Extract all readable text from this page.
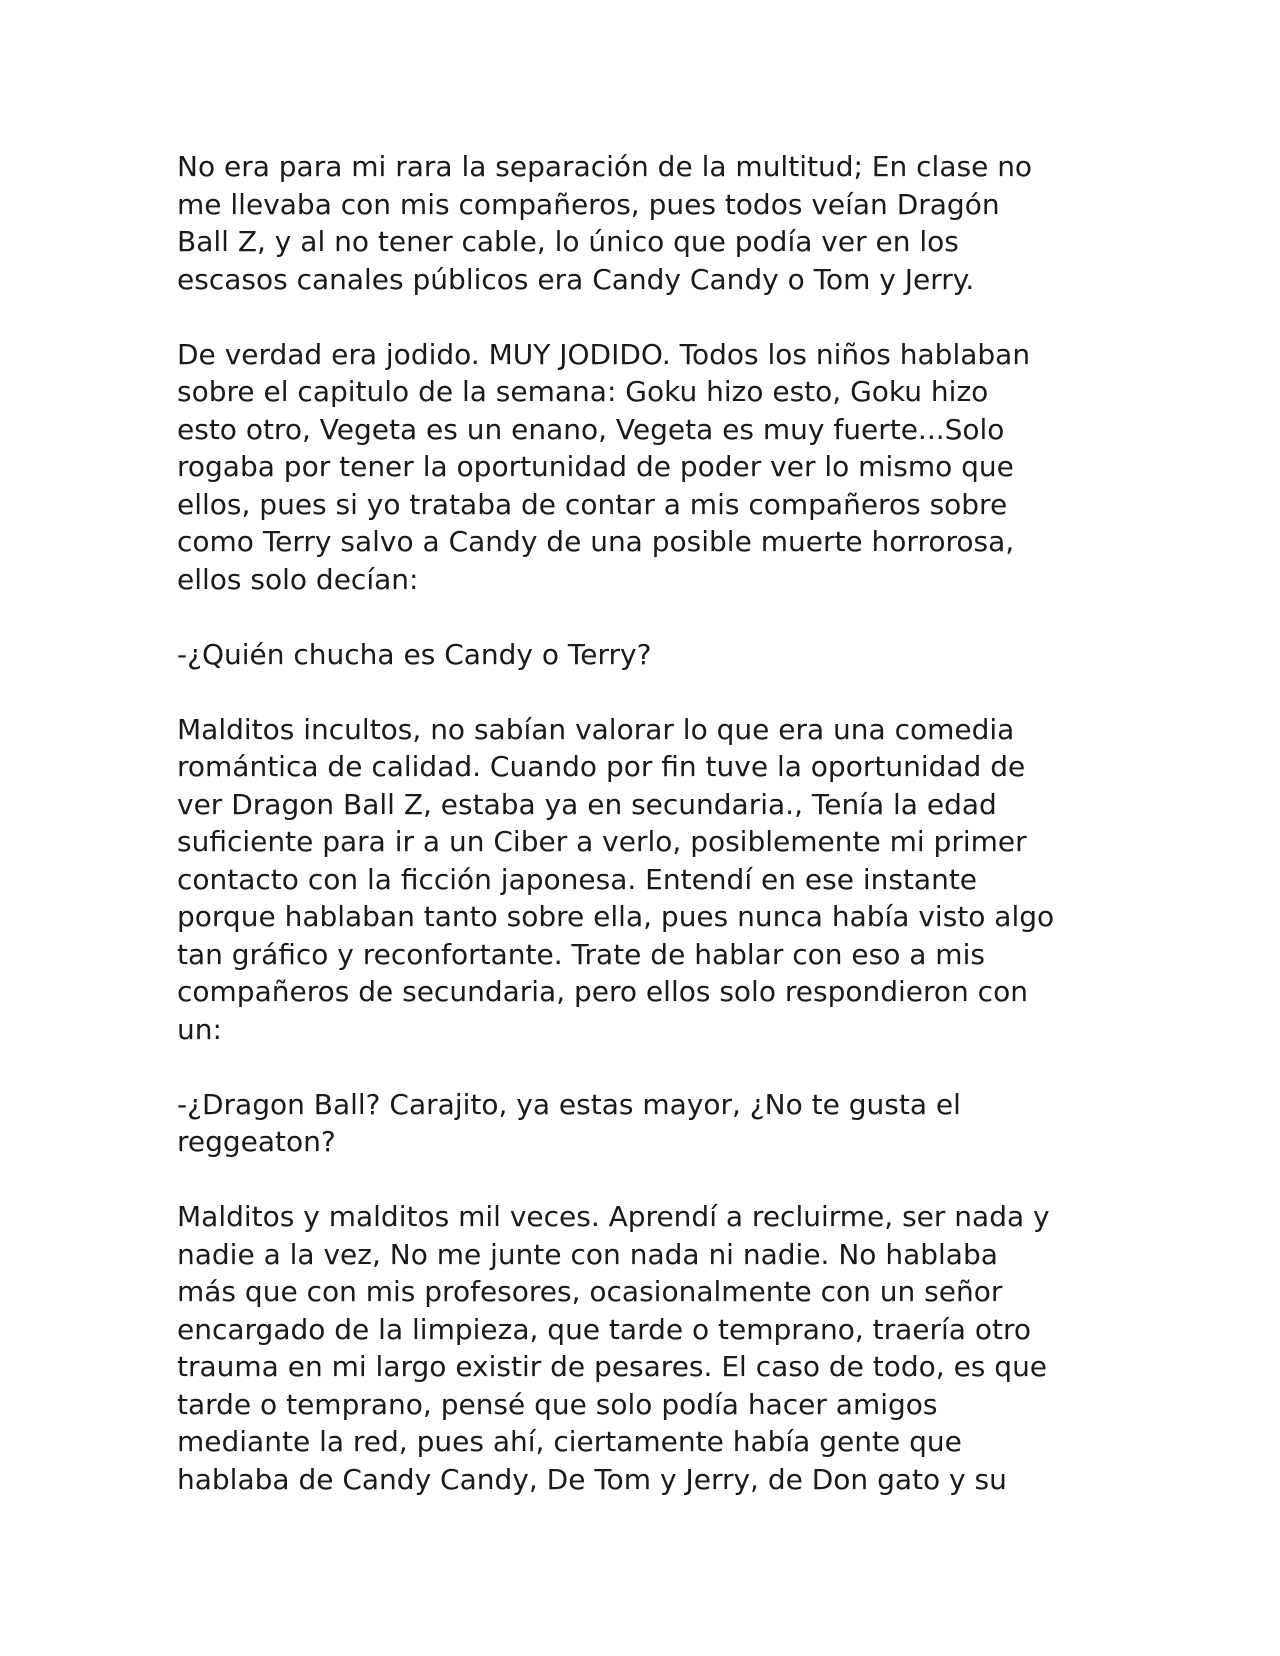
No era para mi rara la separación de la multitud; En clase no
me llevaba con mis compañeros, pues todos veían Dragón
Ball Z, y al no tener cable, lo único que podía ver en los
escasos canales públicos era Candy Candy o Tom y Jerry.

De verdad era jodido. MUY JODIDO. Todos los niños hablaban
sobre el capitulo de la semana: Goku hizo esto, Goku hizo
esto otro, Vegeta es un enano, Vegeta es muy fuerte...Solo
rogaba por tener la oportunidad de poder ver lo mismo que
ellos, pues si yo trataba de contar a mis compañeros sobre
como Terry salvo a Candy de una posible muerte horrorosa,
ellos solo decían:

-¿Quién chucha es Candy o Terry?

Malditos incultos, no sabían valorar lo que era una comedia
romántica de calidad. Cuando por fin tuve la oportunidad de
ver Dragon Ball Z, estaba ya en secundaria., Tenía la edad
suficiente para ir a un Ciber a verlo, posiblemente mi primer
contacto con la ficción japonesa. Entendí en ese instante
porque hablaban tanto sobre ella, pues nunca había visto algo
tan gráfico y reconfortante. Trate de hablar con eso a mis
compañeros de secundaria, pero ellos solo respondieron con
un:

-¿Dragon Ball? Carajito, ya estas mayor, ¿No te gusta el
reggeaton?

Malditos y malditos mil veces. Aprendí a recluirme, ser nada y
nadie a la vez, No me junte con nada ni nadie. No hablaba
más que con mis profesores, ocasionalmente con un señor
encargado de la limpieza, que tarde o temprano, traería otro
trauma en mi largo existir de pesares. El caso de todo, es que
tarde o temprano, pensé que solo podía hacer amigos
mediante la red, pues ahí, ciertamente había gente que
hablaba de Candy Candy, De Tom y Jerry, de Don gato y su
